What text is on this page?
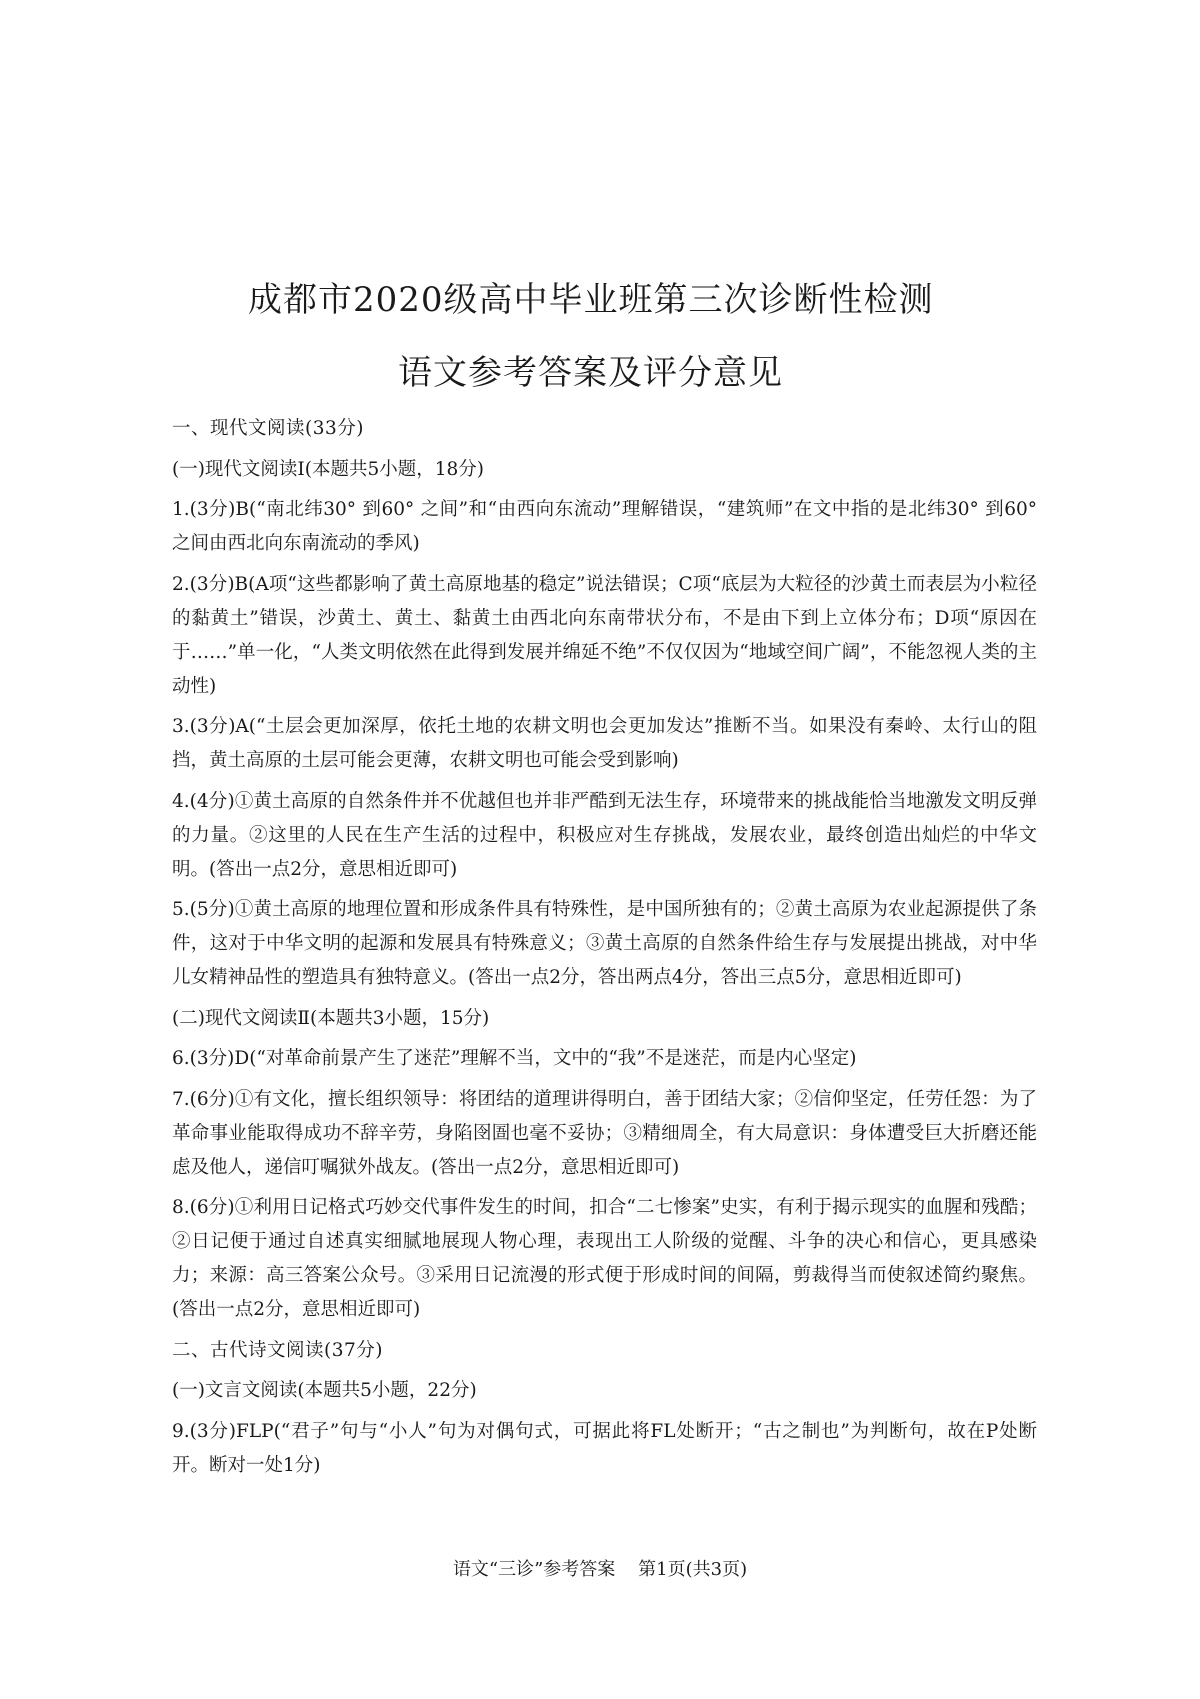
成都市2020级高中毕业班第三次诊断性检测
语文参考答案及评分意见

一、现代文阅读(33分)

(一)现代文阅读Ⅰ(本题共5小题，18分)

1.(3分)B(“南北纬30° 到60° 之间”和“由西向东流动”理解错误，“建筑师”在文中指的是北纬30° 到60° 之间由西北向东南流动的季风)

2.(3分)B(A项“这些都影响了黄土高原地基的稳定”说法错误；C项“底层为大粒径的沙黄土而表层为小粒径的黏黄土”错误，沙黄土、黄土、黏黄土由西北向东南带状分布，不是由下到上立体分布；D项“原因在于……”单一化，“人类文明依然在此得到发展并绵延不绝”不仅仅因为“地域空间广阔”，不能忽视人类的主动性)

3.(3分)A(“土层会更加深厚，依托土地的农耕文明也会更加发达”推断不当。如果没有秦岭、太行山的阻挡，黄土高原的土层可能会更薄，农耕文明也可能会受到影响)

4.(4分)①黄土高原的自然条件并不优越但也并非严酷到无法生存，环境带来的挑战能恰当地激发文明反弹的力量。②这里的人民在生产生活的过程中，积极应对生存挑战，发展农业，最终创造出灿烂的中华文明。(答出一点2分，意思相近即可)

5.(5分)①黄土高原的地理位置和形成条件具有特殊性，是中国所独有的；②黄土高原为农业起源提供了条件，这对于中华文明的起源和发展具有特殊意义；③黄土高原的自然条件给生存与发展提出挑战，对中华儿女精神品性的塑造具有独特意义。(答出一点2分，答出两点4分，答出三点5分，意思相近即可)

(二)现代文阅读Ⅱ(本题共3小题，15分)

6.(3分)D(“对革命前景产生了迷茫”理解不当，文中的“我”不是迷茫，而是内心坚定)

7.(6分)①有文化，擅长组织领导：将团结的道理讲得明白，善于团结大家；②信仰坚定，任劳任怨：为了革命事业能取得成功不辞辛劳，身陷囹圄也毫不妥协；③精细周全，有大局意识：身体遭受巨大折磨还能虑及他人，递信叮嘱狱外战友。(答出一点2分，意思相近即可)

8.(6分)①利用日记格式巧妙交代事件发生的时间，扣合“二七惨案”史实，有利于揭示现实的血腥和残酷；②日记便于通过自述真实细腻地展现人物心理，表现出工人阶级的觉醒、斗争的决心和信心，更具感染力；来源：高三答案公众号。③采用日记流漫的形式便于形成时间的间隔，剪裁得当而使叙述简约聚焦。(答出一点2分，意思相近即可)

二、古代诗文阅读(37分)

(一)文言文阅读(本题共5小题，22分)

9.(3分)FLP(“君子”句与“小人”句为对偶句式，可据此将FL处断开；“古之制也”为判断句，故在P处断开。断对一处1分)

语文“三诊”参考答案    第1页(共3页)
